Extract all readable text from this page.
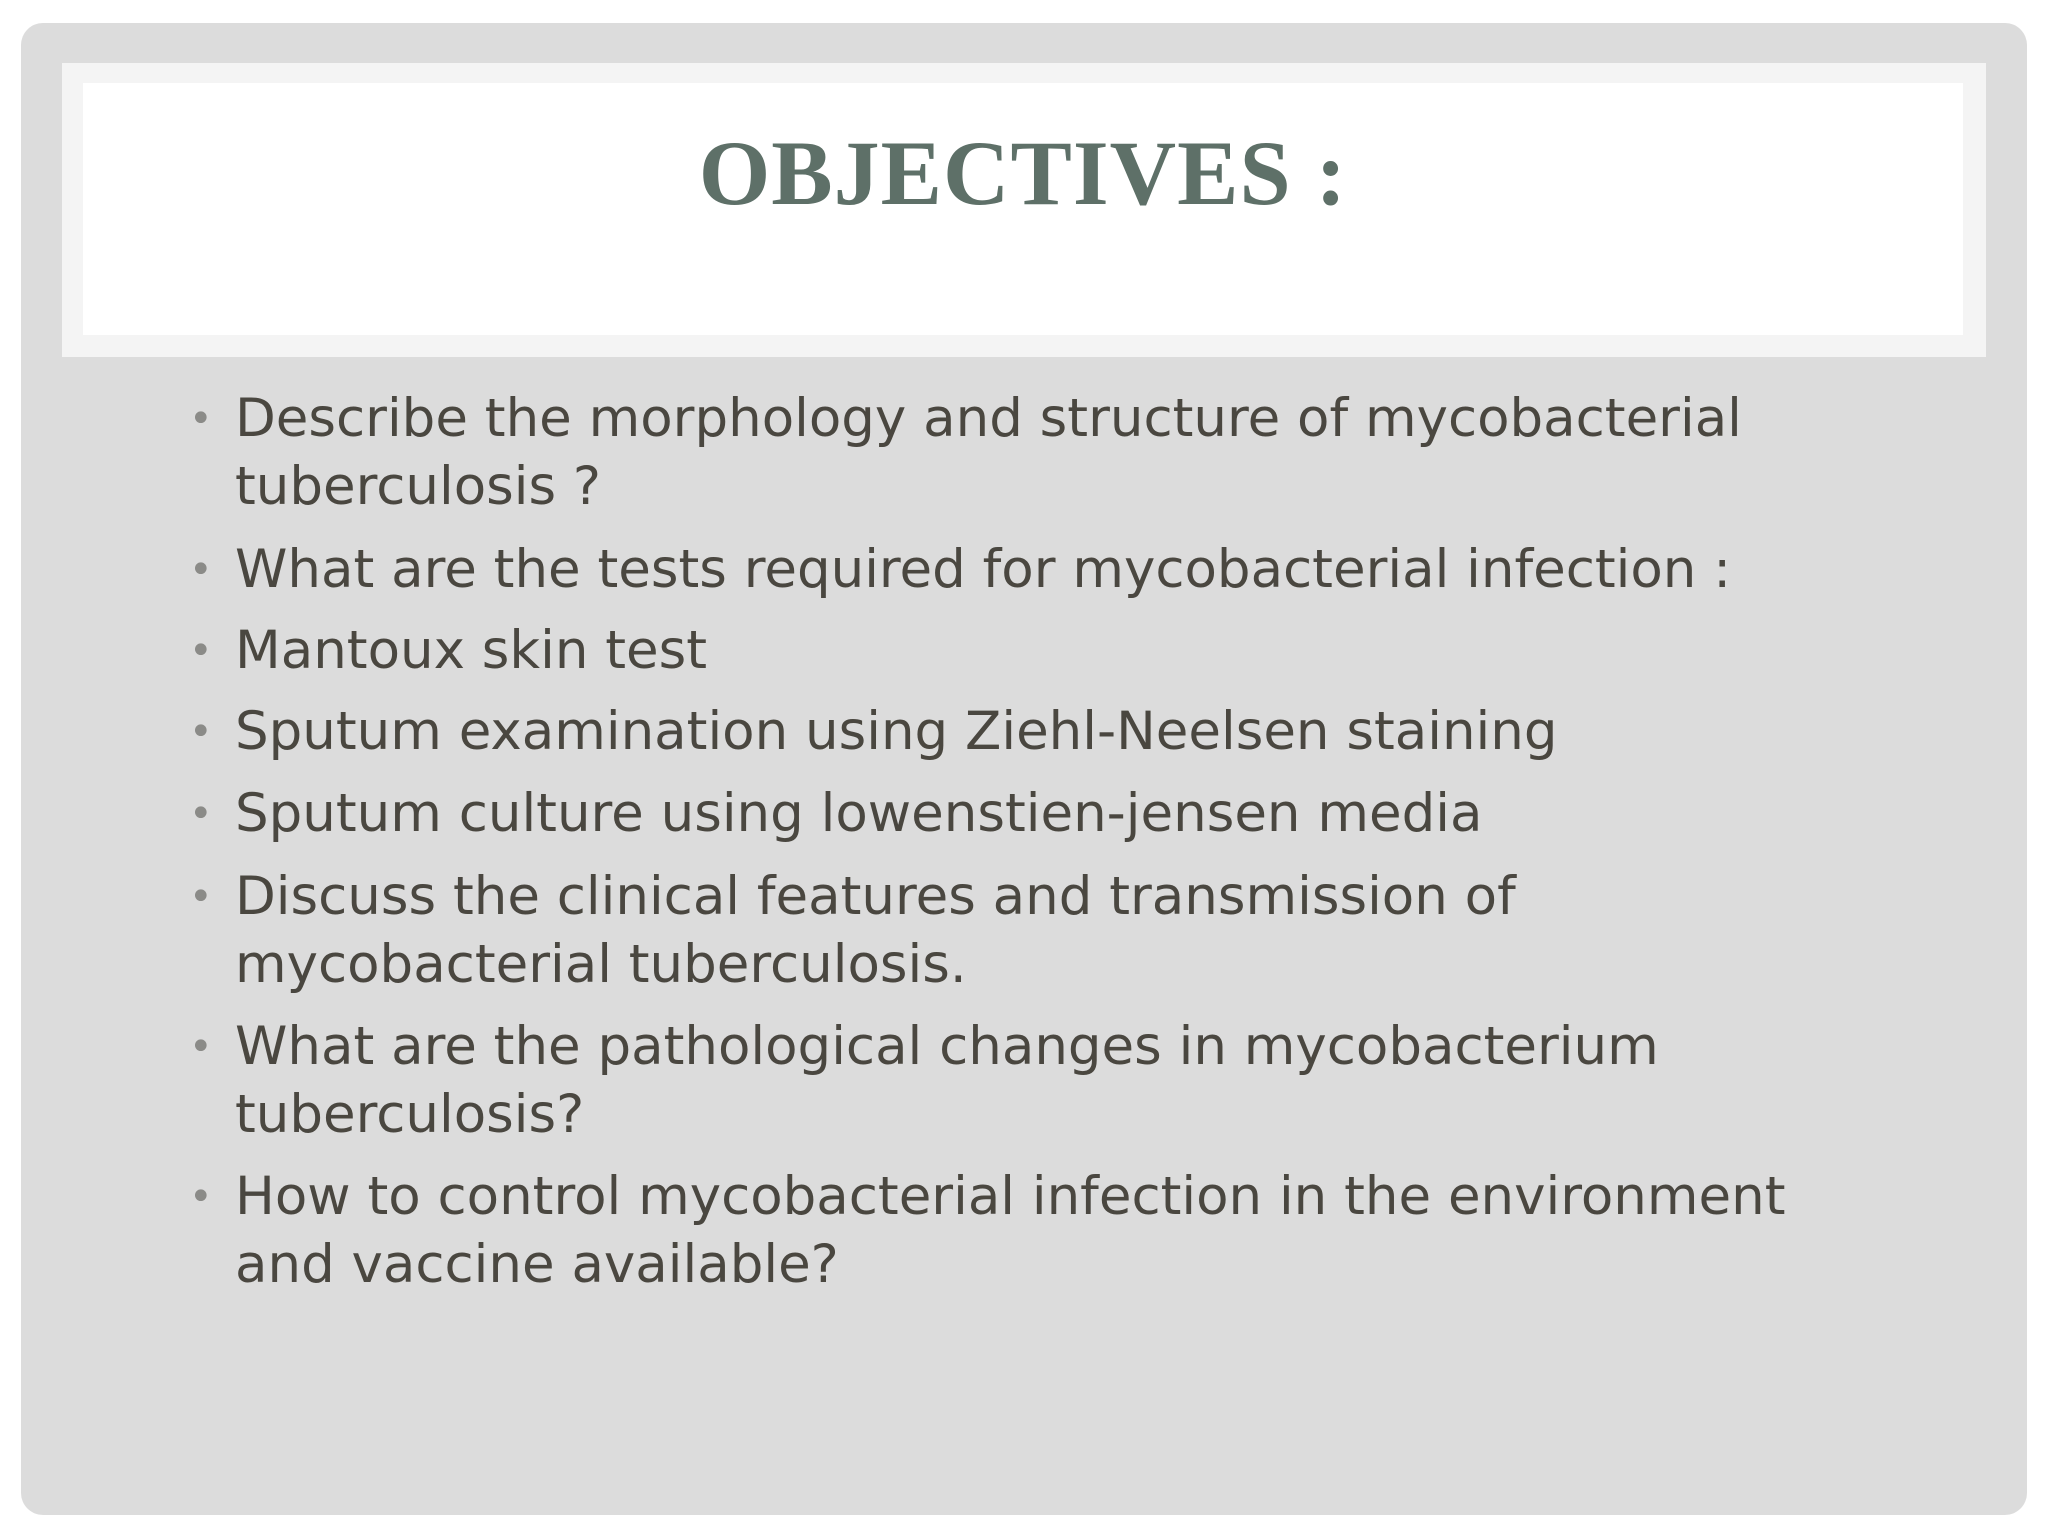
OBJECTIVES :
• Describe the morphology and structure of mycobacterial
tuberculosis ?
• What are the tests required for mycobacterial infection :
• Mantoux skin test
• Sputum examination using Ziehl-Neelsen staining
• Sputum culture using lowenstien-jensen media
• Discuss the clinical features and transmission of
mycobacterial tuberculosis.
• What are the pathological changes in mycobacterium
tuberculosis?
• How to control mycobacterial infection in the environment
and vaccine available?
